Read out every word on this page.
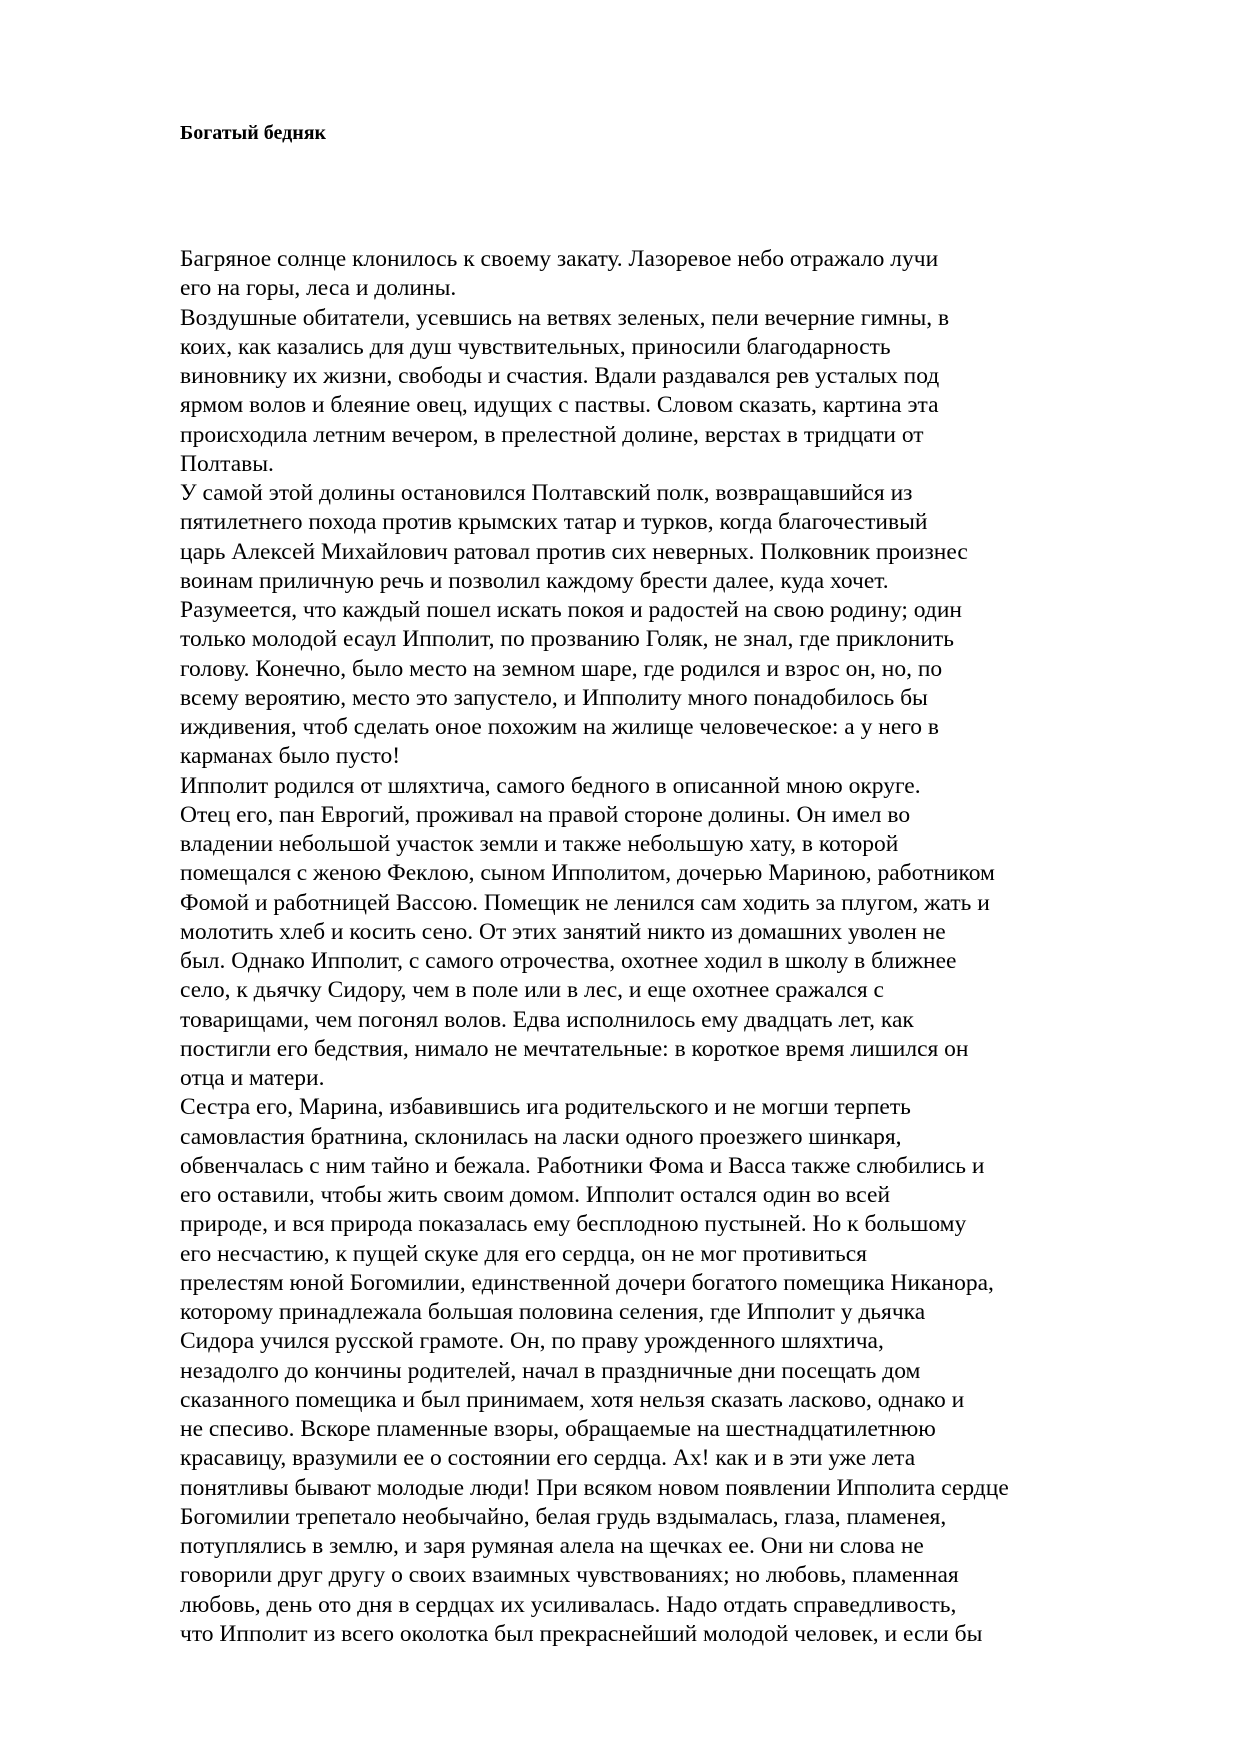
Богатый бедняк
Багряное солнце клонилось к своему закату. Лазоревое небо отражало лучи
его на горы, леса и долины.
Воздушные обитатели, усевшись на ветвях зеленых, пели вечерние гимны, в
коих, как казались для душ чувствительных, приносили благодарность
виновнику их жизни, свободы и счастия. Вдали раздавался рев усталых под
ярмом волов и блеяние овец, идущих с паствы. Словом сказать, картина эта
происходила летним вечером, в прелестной долине, верстах в тридцати от
Полтавы.
У самой этой долины остановился Полтавский полк, возвращавшийся из
пятилетнего похода против крымских татар и турков, когда благочестивый
царь Алексей Михайлович ратовал против сих неверных. Полковник произнес
воинам приличную речь и позволил каждому брести далее, куда хочет.
Разумеется, что каждый пошел искать покоя и радостей на свою родину; один
только молодой есаул Ипполит, по прозванию Голяк, не знал, где приклонить
голову. Конечно, было место на земном шаре, где родился и взрос он, но, по
всему вероятию, место это запустело, и Ипполиту много понадобилось бы
иждивения, чтоб сделать оное похожим на жилище человеческое: а у него в
карманах было пусто!
Ипполит родился от шляхтича, самого бедного в описанной мною округе.
Отец его, пан Еврогий, проживал на правой стороне долины. Он имел во
владении небольшой участок земли и также небольшую хату, в которой
помещался с женою Феклою, сыном Ипполитом, дочерью Мариною, работником
Фомой и работницей Вассою. Помещик не ленился сам ходить за плугом, жать и
молотить хлеб и косить сено. От этих занятий никто из домашних уволен не
был. Однако Ипполит, с самого отрочества, охотнее ходил в школу в ближнее
село, к дьячку Сидору, чем в поле или в лес, и еще охотнее сражался с
товарищами, чем погонял волов. Едва исполнилось ему двадцать лет, как
постигли его бедствия, нимало не мечтательные: в короткое время лишился он
отца и матери.
Сестра его, Марина, избавившись ига родительского и не могши терпеть
самовластия братнина, склонилась на ласки одного проезжего шинкаря,
обвенчалась с ним тайно и бежала. Работники Фома и Васса также слюбились и
его оставили, чтобы жить своим домом. Ипполит остался один во всей
природе, и вся природа показалась ему бесплодною пустыней. Но к большому
его несчастию, к пущей скуке для его сердца, он не мог противиться
прелестям юной Богомилии, единственной дочери богатого помещика Никанора,
которому принадлежала большая половина селения, где Ипполит у дьячка
Сидора учился русской грамоте. Он, по праву урожденного шляхтича,
незадолго до кончины родителей, начал в праздничные дни посещать дом
сказанного помещика и был принимаем, хотя нельзя сказать ласково, однако и
не спесиво. Вскоре пламенные взоры, обращаемые на шестнадцатилетнюю
красавицу, вразумили ее о состоянии его сердца. Ах! как и в эти уже лета
понятливы бывают молодые люди! При всяком новом появлении Ипполита сердце
Богомилии трепетало необычайно, белая грудь вздымалась, глаза, пламенея,
потуплялись в землю, и заря румяная алела на щечках ее. Они ни слова не
говорили друг другу о своих взаимных чувствованиях; но любовь, пламенная
любовь, день ото дня в сердцах их усиливалась. Надо отдать справедливость,
что Ипполит из всего околотка был прекраснейший молодой человек, и если бы
